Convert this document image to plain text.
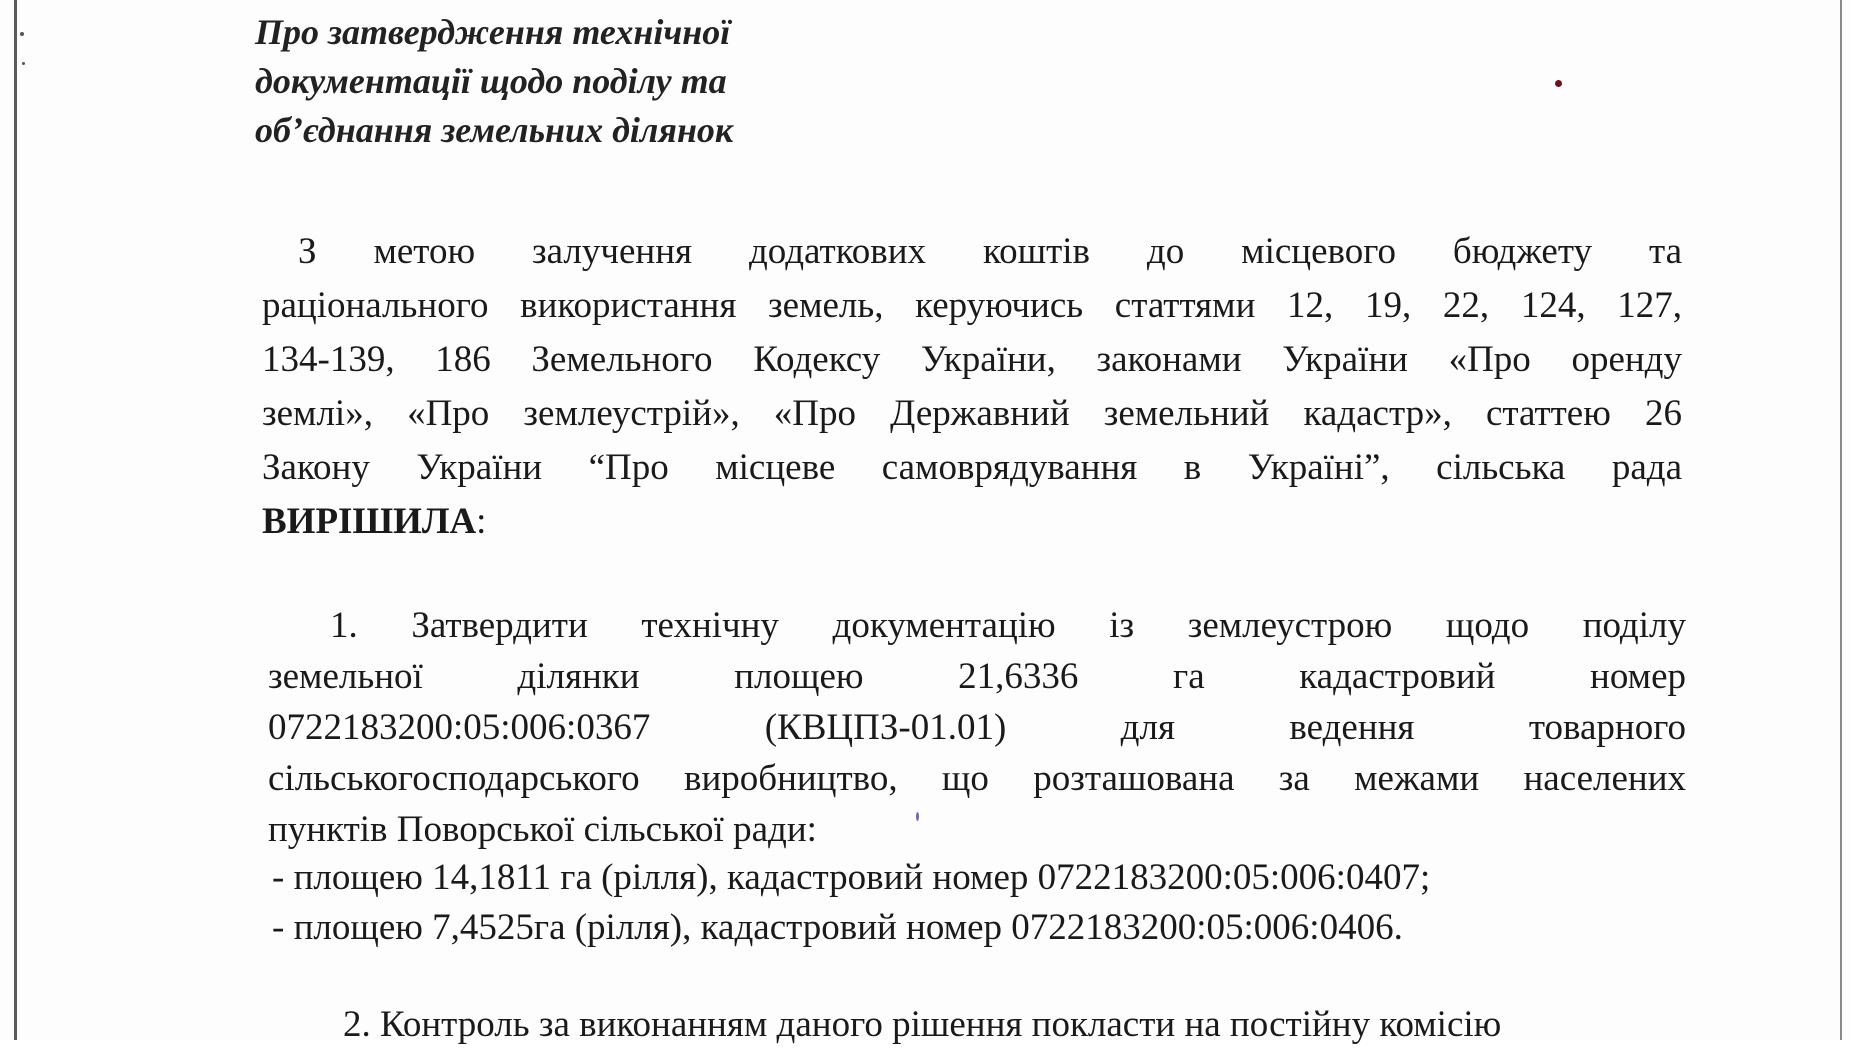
Про затвердження технічної
документації щодо поділу та
об’єднання земельних ділянок
З метою залучення додаткових коштів до місцевого бюджету та
раціонального використання земель, керуючись статтями 12, 19, 22, 124, 127,
134-139, 186 Земельного Кодексу України, законами України «Про оренду
землі», «Про землеустрій», «Про Державний земельний кадастр», статтею 26
Закону України “Про місцеве самоврядування в Україні”, сільська рада
ВИРІШИЛА:
1. Затвердити технічну документацію із землеустрою щодо поділу
земельної ділянки площею 21,6336 га кадастровий номер
0722183200:05:006:0367 (КВЦПЗ-01.01) для ведення товарного
сільськогосподарського виробництво, що розташована за межами населених
пунктів Поворської сільської ради:
- площею 14,1811 га (рілля), кадастровий номер 0722183200:05:006:0407;
- площею 7,4525га (рілля), кадастровий номер 0722183200:05:006:0406.
2. Контроль за виконанням даного рішення покласти на постійну комісію
